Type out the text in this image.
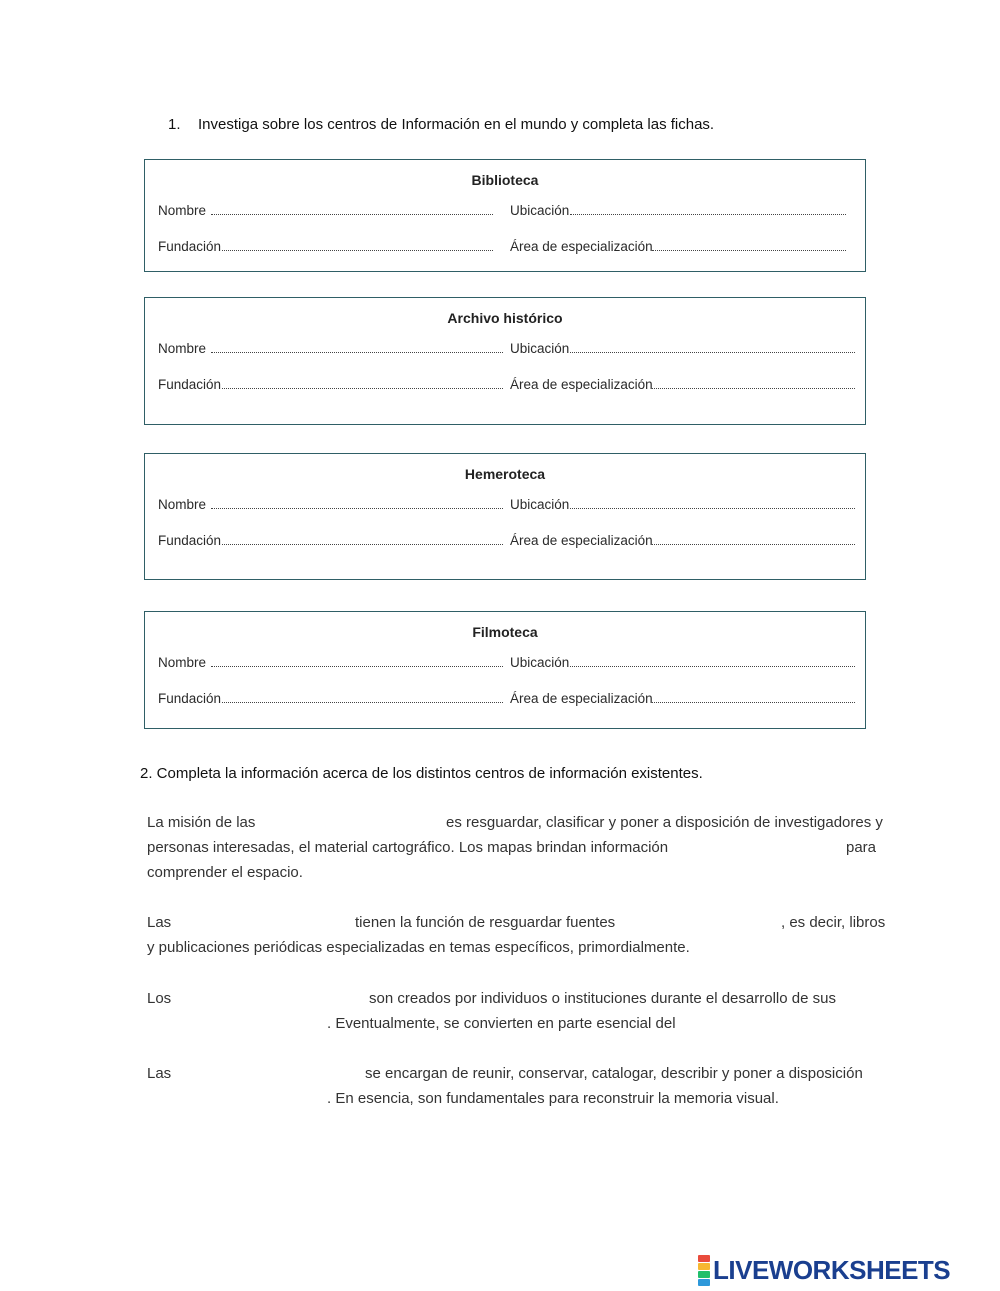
1. Investiga sobre los centros de Información en el mundo y completa las fichas.
Biblioteca
Nombre	Ubicación
Fundación	Área de especialización
Archivo histórico
Nombre	Ubicación
Fundación	Área de especialización
Hemeroteca
Nombre	Ubicación
Fundación	Área de especialización
Filmoteca
Nombre	Ubicación
Fundación	Área de especialización
2. Completa la información acerca de los distintos centros de información existentes.
La misión de las	es resguardar, clasificar y poner a disposición de investigadores y
personas interesadas, el material cartográfico. Los mapas brindan información	para
comprender el espacio.
Las	tienen la función de resguardar fuentes	, es decir, libros
y publicaciones periódicas especializadas en temas específicos, primordialmente.
Los	son creados por individuos o instituciones durante el desarrollo de sus
. Eventualmente, se convierten en parte esencial del
Las	se encargan de reunir, conservar, catalogar, describir y poner a disposición
. En esencia, son fundamentales para reconstruir la memoria visual.
LIVEWORKSHEETS
